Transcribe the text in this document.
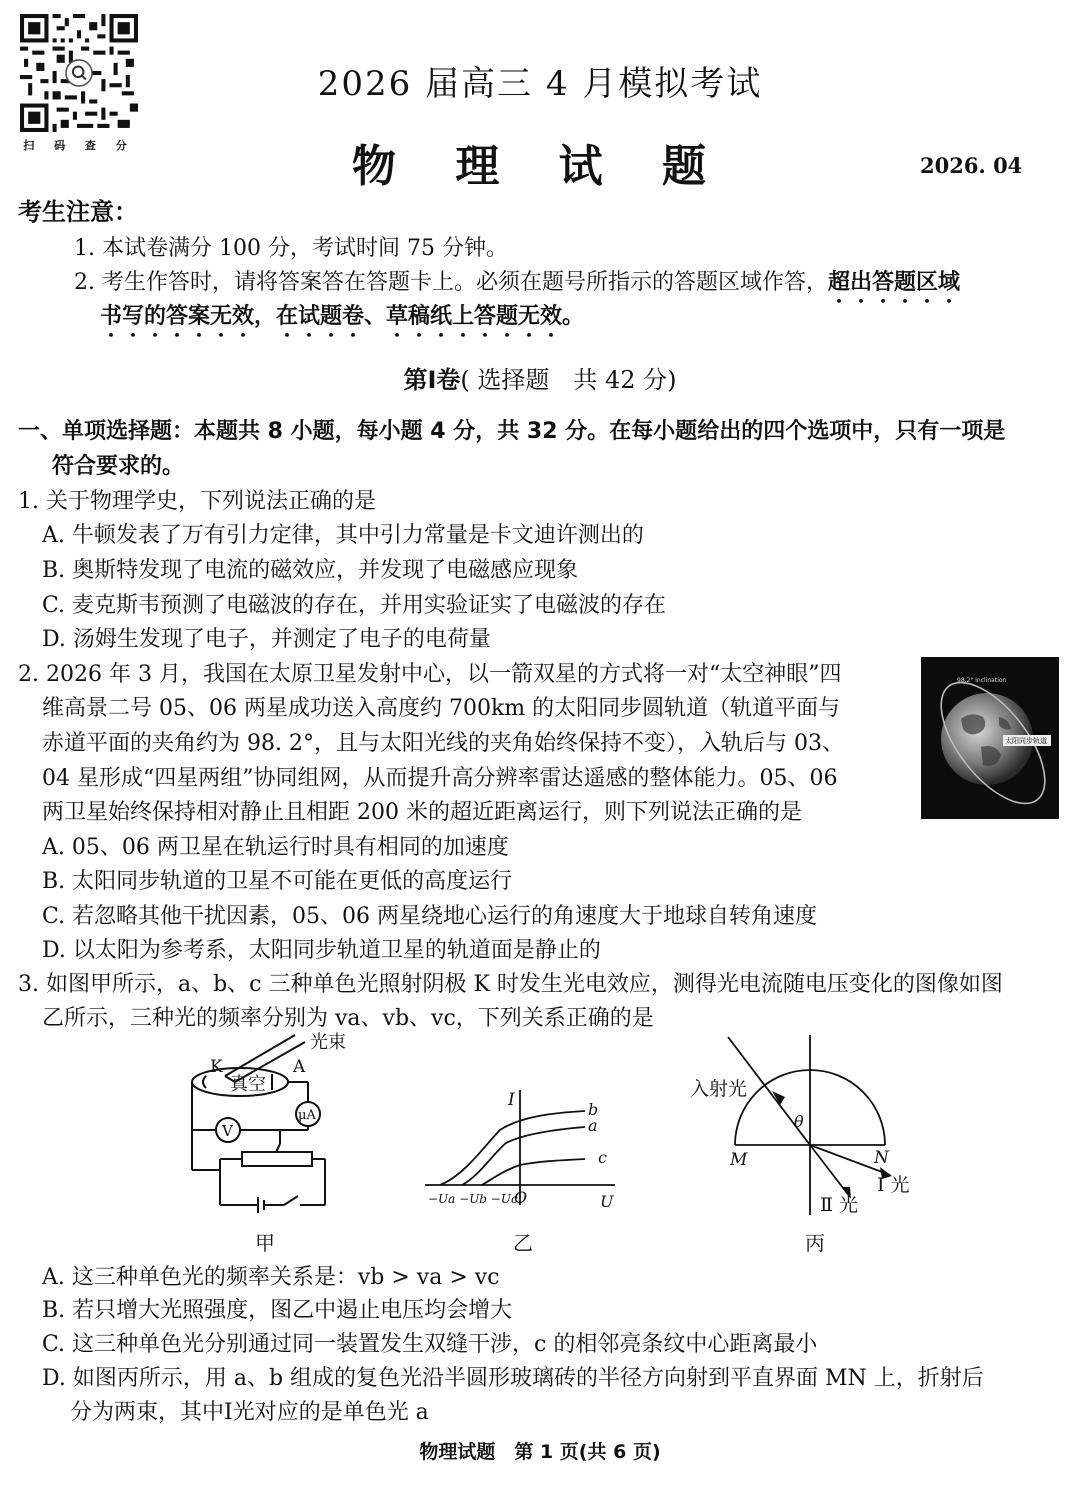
扫 码 查 分
2026 届高三 4 月模拟考试
物 理 试 题	2026. 04
考生注意：
1. 本试卷满分 100 分，考试时间 75 分钟。
2. 考生作答时，请将答案答在答题卡上。必须在题号所指示的答题区域作答，超出答题区域
书写的答案无效，在试题卷、草稿纸上答题无效。
第Ⅰ卷( 选择题　共 42 分)
一、单项选择题：本题共 8 小题，每小题 4 分，共 32 分。在每小题给出的四个选项中，只有一项是
符合要求的。
1. 关于物理学史，下列说法正确的是
A. 牛顿发表了万有引力定律，其中引力常量是卡文迪许测出的
B. 奥斯特发现了电流的磁效应，并发现了电磁感应现象
C. 麦克斯韦预测了电磁波的存在，并用实验证实了电磁波的存在
D. 汤姆生发现了电子，并测定了电子的电荷量
2. 2026 年 3 月，我国在太原卫星发射中心，以一箭双星的方式将一对“太空神眼”四
维高景二号 05、06 两星成功送入高度约 700km 的太阳同步圆轨道（轨道平面与
赤道平面的夹角约为 98. 2°，且与太阳光线的夹角始终保持不变），入轨后与 03、
04 星形成“四星两组”协同组网，从而提升高分辨率雷达遥感的整体能力。05、06
两卫星始终保持相对静止且相距 200 米的超近距离运行，则下列说法正确的是
A. 05、06 两卫星在轨运行时具有相同的加速度
B. 太阳同步轨道的卫星不可能在更低的高度运行
C. 若忽略其他干扰因素，05、06 两星绕地心运行的角速度大于地球自转角速度
D. 以太阳为参考系，太阳同步轨道卫星的轨道面是静止的
98.2° inclination
太阳同步轨道
3. 如图甲所示，a、b、c 三种单色光照射阴极 K 时发生光电效应，测得光电流随电压变化的图像如图
乙所示，三种光的频率分别为 va、vb、vc，下列关系正确的是
K	A
真空
光束
μA
V
甲
I
U
O
b
a
c
−Ua −Ub −Uc
乙
入射光
θ
M	N
Ⅰ 光
Ⅱ 光
丙
A. 这三种单色光的频率关系是：vb > va > vc
B. 若只增大光照强度，图乙中遏止电压均会增大
C. 这三种单色光分别通过同一装置发生双缝干涉，c 的相邻亮条纹中心距离最小
D. 如图丙所示，用 a、b 组成的复色光沿半圆形玻璃砖的半径方向射到平直界面 MN 上，折射后
分为两束，其中Ⅰ光对应的是单色光 a
物理试题　第 1 页(共 6 页)
